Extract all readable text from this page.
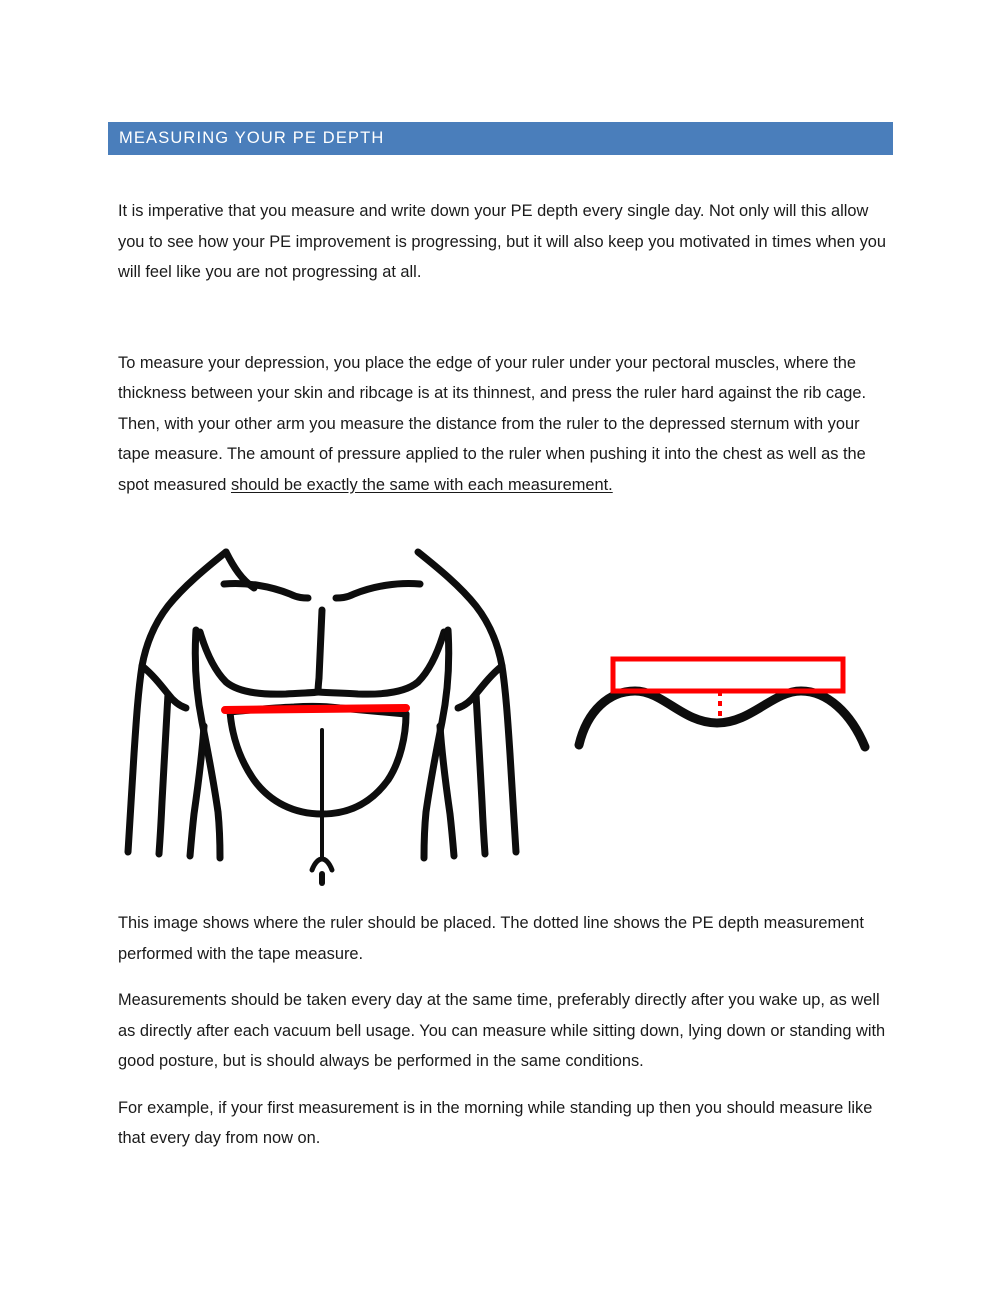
MEASURING YOUR PE DEPTH

It is imperative that you measure and write down your PE depth every single day. Not only will this allow you to see how your PE improvement is progressing, but it will also keep you motivated in times when you will feel like you are not progressing at all.

To measure your depression, you place the edge of your ruler under your pectoral muscles, where the thickness between your skin and ribcage is at its thinnest, and press the ruler hard against the rib cage. Then, with your other arm you measure the distance from the ruler to the depressed sternum with your tape measure. The amount of pressure applied to the ruler when pushing it into the chest as well as the spot measured should be exactly the same with each measurement.

This image shows where the ruler should be placed. The dotted line shows the PE depth measurement performed with the tape measure.

Measurements should be taken every day at the same time, preferably directly after you wake up, as well as directly after each vacuum bell usage. You can measure while sitting down, lying down or standing with good posture, but is should always be performed in the same conditions.

For example, if your first measurement is in the morning while standing up then you should measure like that every day from now on.
